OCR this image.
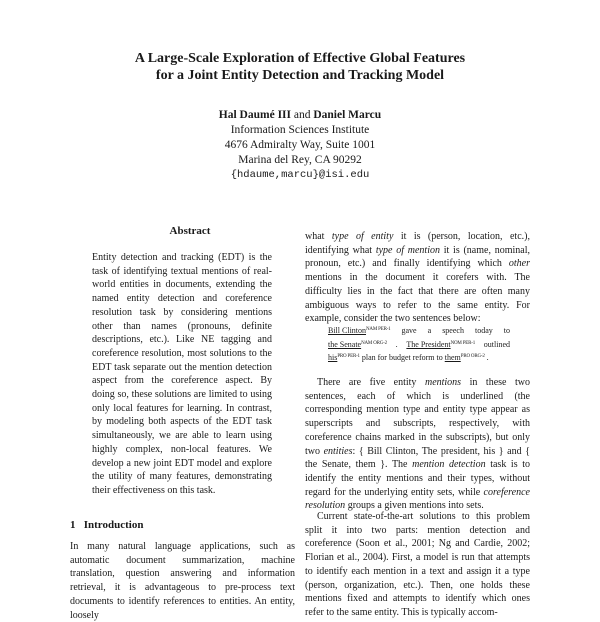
A Large-Scale Exploration of Effective Global Features
for a Joint Entity Detection and Tracking Model
Hal Daumé III and Daniel Marcu
Information Sciences Institute
4676 Admiralty Way, Suite 1001
Marina del Rey, CA 90292
{hdaume,marcu}@isi.edu
Abstract

Entity detection and tracking (EDT) is the task of identifying textual mentions of real-world entities in documents, extending the named entity detection and coreference resolution task by considering mentions other than names (pronouns, definite descriptions, etc.). Like NE tagging and coreference resolution, most solutions to the EDT task separate out the mention detection aspect from the coreference aspect. By doing so, these solutions are limited to using only local features for learning. In contrast, by modeling both aspects of the EDT task simultaneously, we are able to learn using highly complex, non-local features. We develop a new joint EDT model and explore the utility of many features, demonstrating their effectiveness on this task.

1 Introduction

In many natural language applications, such as automatic document summarization, machine translation, question answering and information retrieval, it is advantageous to pre-process text documents to identify references to entities. An entity, loosely

what type of entity it is (person, location, etc.), identifying what type of mention it is (name, nominal, pronoun, etc.) and finally identifying which other mentions in the document it corefers with. The difficulty lies in the fact that there are often many ambiguous ways to refer to the same entity. For example, consider the two sentences below:

Bill Clinton$^{NAM PER-1}$ gave a speech today to
the Senate$^{NAM ORG-2}$ . The President$^{NOM PER-1}$ outlined
his$^{PRO PER-1}$ plan for budget reform to them$^{PRO ORG-2}$ .

There are five entity mentions in these two sentences, each of which is underlined (the corresponding mention type and entity type appear as superscripts and subscripts, respectively, with coreference chains marked in the subscripts), but only two entities: { Bill Clinton, The president, his } and { the Senate, them }. The mention detection task is to identify the entity mentions and their types, without regard for the underlying entity sets, while coreference resolution groups a given mentions into sets.

Current state-of-the-art solutions to this problem split it into two parts: mention detection and coreference (Soon et al., 2001; Ng and Cardie, 2002; Florian et al., 2004). First, a model is run that attempts to identify each mention in a text and assign it a type (person, organization, etc.). Then, one holds these mentions fixed and attempts to identify which ones refer to the same entity. This is typically accom-
